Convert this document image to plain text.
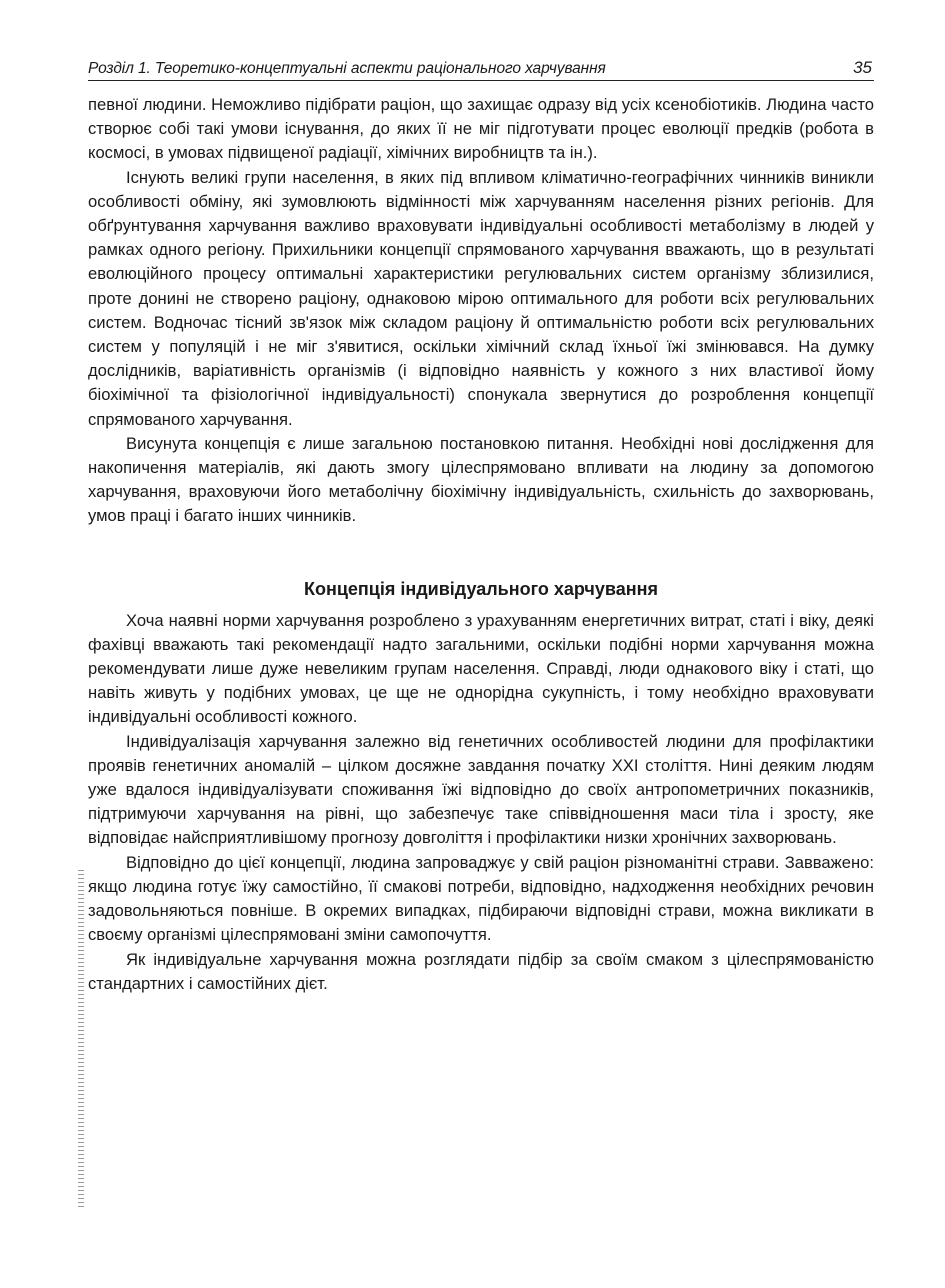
Розділ 1. Теоретико-концептуальні аспекти раціонального харчування	35

певної людини. Неможливо підібрати раціон, що захищає одразу від усіх ксенобіотиків. Людина часто створює собі такі умови існування, до яких її не міг підготувати процес еволюції предків (робота в космосі, в умовах підвищеної радіації, хімічних виробництв та ін.).

Існують великі групи населення, в яких під впливом кліматично-географічних чинників виникли особливості обміну, які зумовлюють відмінності між харчуванням населення різних регіонів. Для обґрунтування харчування важливо враховувати індивідуальні особливості метаболізму в людей у рамках одного регіону. Прихильники концепції спрямованого харчування вважають, що в результаті еволюційного процесу оптимальні характеристики регулювальних систем організму зблизилися, проте донині не створено раціону, однаковою мірою оптимального для роботи всіх регулювальних систем. Водночас тісний зв'язок між складом раціону й оптимальністю роботи всіх регулювальних систем у популяцій і не міг з'явитися, оскільки хімічний склад їхньої їжі змінювався. На думку дослідників, варіативність організмів (і відповідно наявність у кожного з них властивої йому біохімічної та фізіологічної індивідуальності) спонукала звернутися до розроблення концепції спрямованого харчування.

Висунута концепція є лише загальною постановкою питання. Необхідні нові дослідження для накопичення матеріалів, які дають змогу цілеспрямовано впливати на людину за допомогою харчування, враховуючи його метаболічну біохімічну індивідуальність, схильність до захворювань, умов праці і багато інших чинників.

Концепція індивідуального харчування

Хоча наявні норми харчування розроблено з урахуванням енергетичних витрат, статі і віку, деякі фахівці вважають такі рекомендації надто загальними, оскільки подібні норми харчування можна рекомендувати лише дуже невеликим групам населення. Справді, люди однакового віку і статі, що навіть живуть у подібних умовах, це ще не однорідна сукупність, і тому необхідно враховувати індивідуальні особливості кожного.

Індивідуалізація харчування залежно від генетичних особливостей людини для профілактики проявів генетичних аномалій – цілком досяжне завдання початку XXI століття. Нині деяким людям уже вдалося індивідуалізувати споживання їжі відповідно до своїх антропометричних показників, підтримуючи харчування на рівні, що забезпечує таке співвідношення маси тіла і зросту, яке відповідає найсприятливішому прогнозу довголіття і профілактики низки хронічних захворювань.

Відповідно до цієї концепції, людина запроваджує у свій раціон різноманітні страви. Завважено: якщо людина готує їжу самостійно, її смакові потреби, відповідно, надходження необхідних речовин задовольняються повніше. В окремих випадках, підбираючи відповідні страви, можна викликати в своєму організмі цілеспрямовані зміни самопочуття.

Як індивідуальне харчування можна розглядати підбір за своїм смаком з цілеспрямованістю стандартних і самостійних дієт.
